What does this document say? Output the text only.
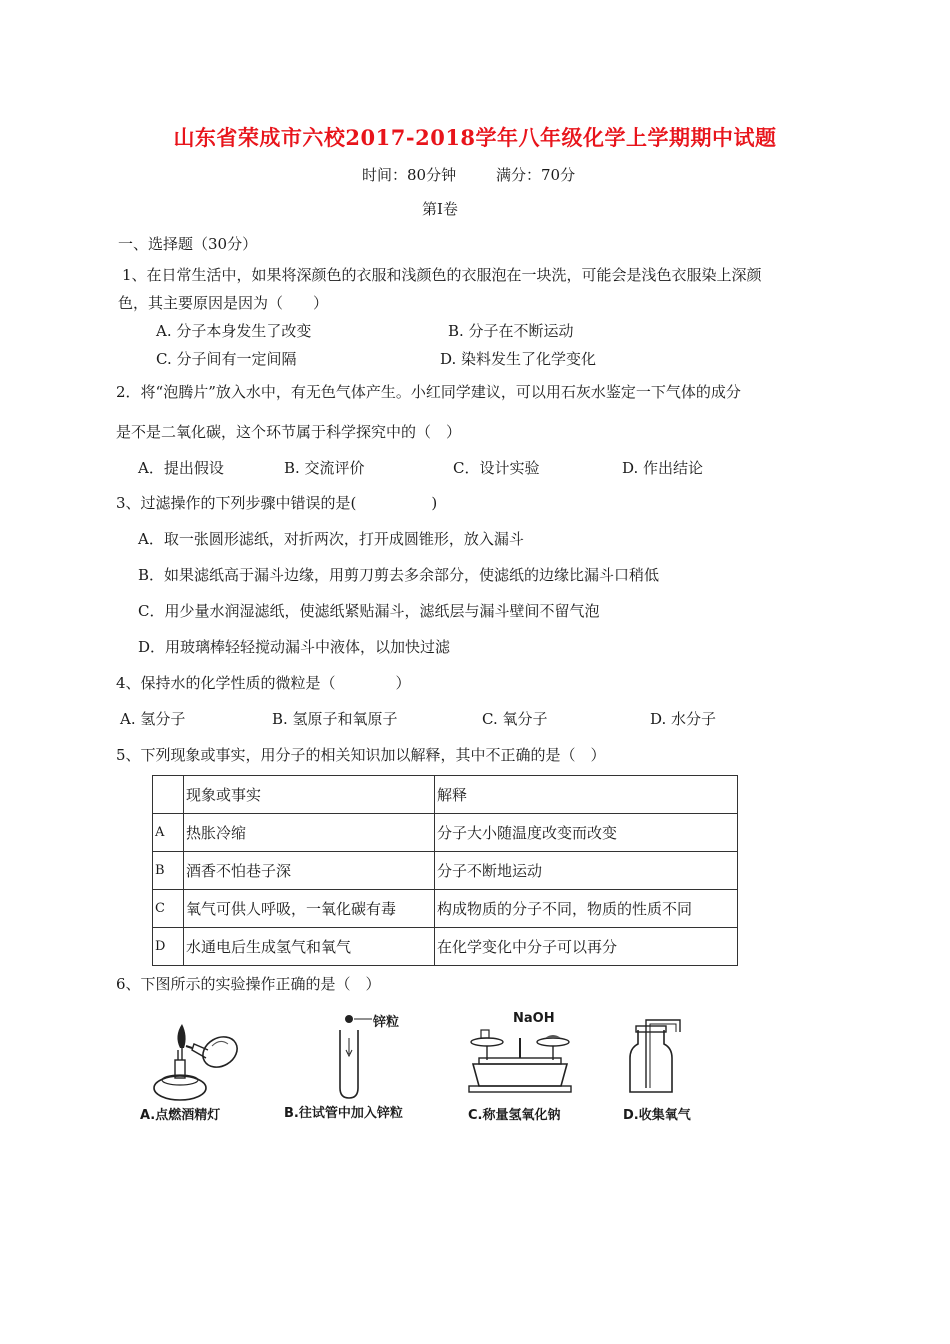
山东省荣成市六校2017-2018学年八年级化学上学期期中试题
时间：80分钟	满分：70分
第Ⅰ卷
一、选择题（30分）
1、在日常生活中，如果将深颜色的衣服和浅颜色的衣服泡在一块洗，可能会是浅色衣服染上深颜
色，其主要原因是因为（　　）
A. 分子本身发生了改变	B. 分子在不断运动
C. 分子间有一定间隔	D. 染料发生了化学变化
2．将“泡腾片”放入水中，有无色气体产生。小红同学建议，可以用石灰水鉴定一下气体的成分
是不是二氧化碳，这个环节属于科学探究中的（　）
A．提出假设	B. 交流评价	C．设计实验	D. 作出结论
3、过滤操作的下列步骤中错误的是(　　　　　)
A．取一张圆形滤纸，对折两次，打开成圆锥形，放入漏斗
B．如果滤纸高于漏斗边缘，用剪刀剪去多余部分，使滤纸的边缘比漏斗口稍低
C．用少量水润湿滤纸，使滤纸紧贴漏斗，滤纸层与漏斗壁间不留气泡
D．用玻璃棒轻轻搅动漏斗中液体，以加快过滤
4、保持水的化学性质的微粒是（　　　　）
A. 氢分子	B. 氢原子和氧原子	C. 氧分子	D. 水分子
5、下列现象或事实，用分子的相关知识加以解释，其中不正确的是（　）
	现象或事实	解释
A	热胀冷缩	分子大小随温度改变而改变
B	酒香不怕巷子深	分子不断地运动
C	氧气可供人呼吸，一氧化碳有毒	构成物质的分子不同，物质的性质不同
D	水通电后生成氢气和氧气	在化学变化中分子可以再分
6、下图所示的实验操作正确的是（　）
A.点燃酒精灯
锌粒
B.往试管中加入锌粒
NaOH
C.称量氢氧化钠	D.收集氧气
